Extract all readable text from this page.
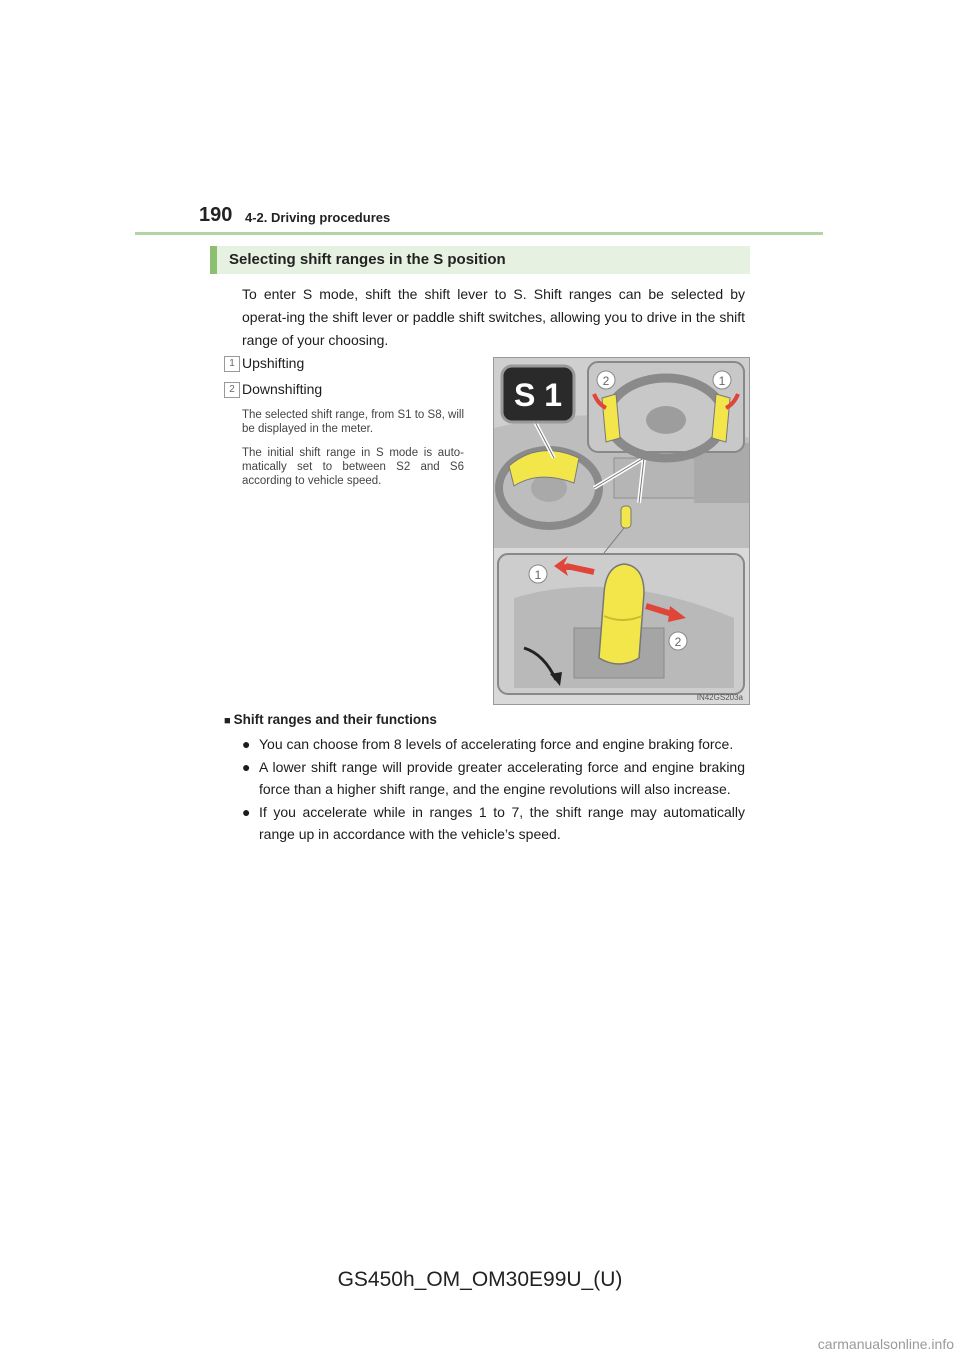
190 4-2. Driving procedures
Selecting shift ranges in the S position
To enter S mode, shift the shift lever to S. Shift ranges can be selected by operat-ing the shift lever or paddle shift switches, allowing you to drive in the shift range of your choosing.
1 Upshifting
2 Downshifting
The selected shift range, from S1 to S8, will be displayed in the meter.
The initial shift range in S mode is auto-matically set to between S2 and S6 according to vehicle speed.
S 1	2	1
1
2
IN42GS203a
■ Shift ranges and their functions
● You can choose from 8 levels of accelerating force and engine braking force.
● A lower shift range will provide greater accelerating force and engine braking force than a higher shift range, and the engine revolutions will also increase.
● If you accelerate while in ranges 1 to 7, the shift range may automatically range up in accordance with the vehicle’s speed.
GS450h_OM_OM30E99U_(U)
carmanualsonline.info
